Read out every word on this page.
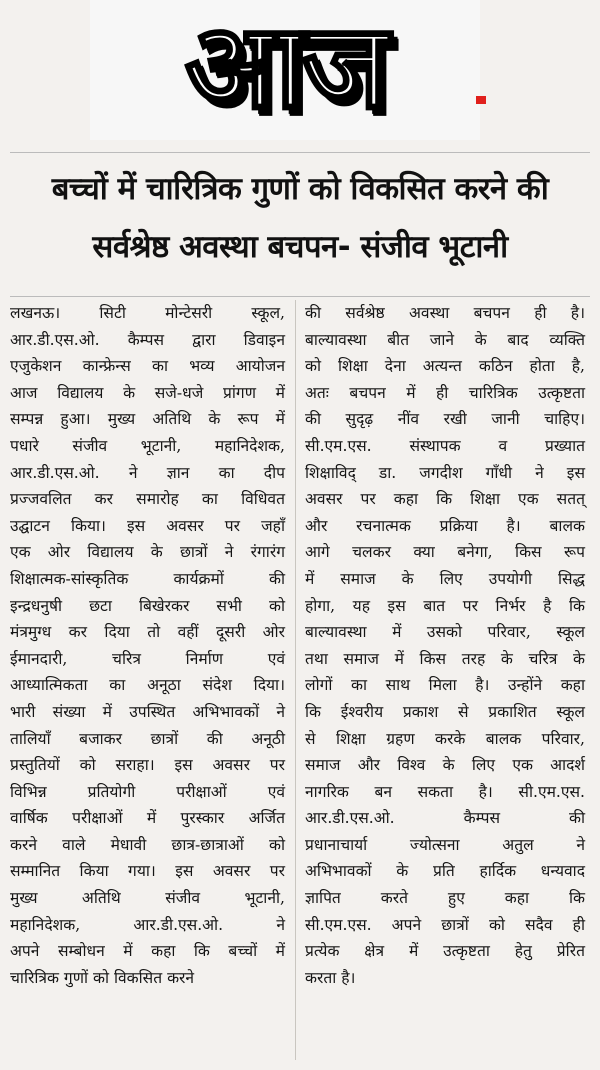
आज
बच्चों में चारित्रिक गुणों को विकसित करने की
सर्वश्रेष्ठ अवस्था बचपन- संजीव भूटानी
लखनऊ। सिटी मोन्टेसरी स्कूल,
आर.डी.एस.ओ. कैम्पस द्वारा डिवाइन
एजुकेशन कान्फ्रेन्स का भव्य आयोजन
आज विद्यालय के सजे-धजे प्रांगण में
सम्पन्न हुआ। मुख्य अतिथि के रूप में
पधारे संजीव भूटानी, महानिदेशक,
आर.डी.एस.ओ. ने ज्ञान का दीप
प्रज्जवलित कर समारोह का विधिवत
उद्घाटन किया। इस अवसर पर जहाँ
एक ओर विद्यालय के छात्रों ने रंगारंग
शिक्षात्मक-सांस्कृतिक कार्यक्रमों की
इन्द्रधनुषी छटा बिखेरकर सभी को
मंत्रमुग्ध कर दिया तो वहीं दूसरी ओर
ईमानदारी, चरित्र निर्माण एवं
आध्यात्मिकता का अनूठा संदेश दिया।
भारी संख्या में उपस्थित अभिभावकों ने
तालियाँ बजाकर छात्रों की अनूठी
प्रस्तुतियों को सराहा। इस अवसर पर
विभिन्न प्रतियोगी परीक्षाओं एवं
वार्षिक परीक्षाओं में पुरस्कार अर्जित
करने वाले मेधावी छात्र-छात्राओं को
सम्मानित किया गया। इस अवसर पर
मुख्य अतिथि संजीव भूटानी,
महानिदेशक, आर.डी.एस.ओ. ने
अपने सम्बोधन में कहा कि बच्चों में
चारित्रिक गुणों को विकसित करने
की सर्वश्रेष्ठ अवस्था बचपन ही है।
बाल्यावस्था बीत जाने के बाद व्यक्ति
को शिक्षा देना अत्यन्त कठिन होता है,
अतः बचपन में ही चारित्रिक उत्कृष्टता
की सुदृढ़ नींव रखी जानी चाहिए।
सी.एम.एस. संस्थापक व प्रख्यात
शिक्षाविद् डा. जगदीश गाँधी ने इस
अवसर पर कहा कि शिक्षा एक सतत्
और रचनात्मक प्रक्रिया है। बालक
आगे चलकर क्या बनेगा, किस रूप
में समाज के लिए उपयोगी सिद्ध
होगा, यह इस बात पर निर्भर है कि
बाल्यावस्था में उसको परिवार, स्कूल
तथा समाज में किस तरह के चरित्र के
लोगों का साथ मिला है। उन्होंने कहा
कि ईश्वरीय प्रकाश से प्रकाशित स्कूल
से शिक्षा ग्रहण करके बालक परिवार,
समाज और विश्व के लिए एक आदर्श
नागरिक बन सकता है। सी.एम.एस.
आर.डी.एस.ओ. कैम्पस की
प्रधानाचार्या ज्योत्सना अतुल ने
अभिभावकों के प्रति हार्दिक धन्यवाद
ज्ञापित करते हुए कहा कि
सी.एम.एस. अपने छात्रों को सदैव ही
प्रत्येक क्षेत्र में उत्कृष्टता हेतु प्रेरित
करता है।
